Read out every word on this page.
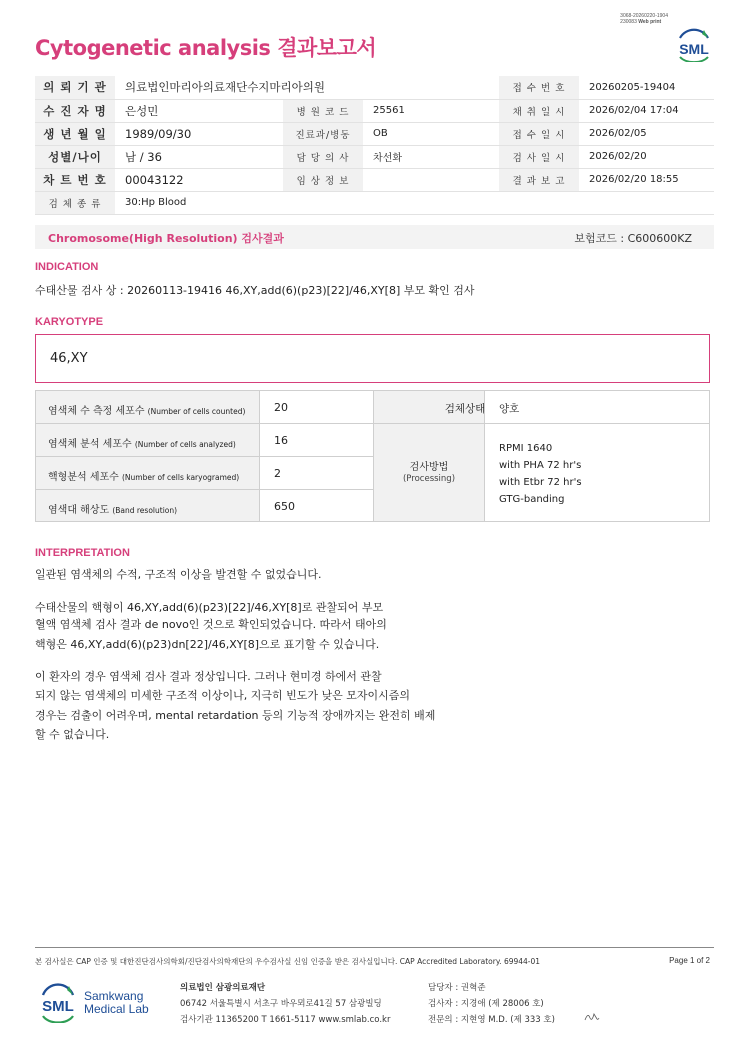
3068-20260220-1904
230083 Web print
SML
Cytogenetic analysis 결과보고서
의 뢰 기 관	의료법인마리아의료재단수지마리아의원			접 수 번 호	20260205-19404
수 진 자 명	은성민	병 원 코 드	25561	채 취 일 시	2026/02/04 17:04
생 년 월 일	1989/09/30	진료과/병동	OB	접 수 일 시	2026/02/05
성별/나이	남 / 36	담 당 의 사	차선화	검 사 일 시	2026/02/20
차 트 번 호	00043122	임 상 정 보		결 과 보 고	2026/02/20 18:55
검 체 종 류	30:Hp Blood				
Chromosome(High Resolution) 검사결과	보험코드 : C600600KZ
INDICATION
수태산물 검사 상 : 20260113-19416 46,XY,add(6)(p23)[22]/46,XY[8] 부모 확인 검사
KARYOTYPE
46,XY
염색체 수 측정 세포수 (Number of cells counted)	20	검체상태	양호
염색체 분석 세포수 (Number of cells analyzed)	16
핵형분석 세포수 (Number of cells karyogramed)	2
염색대 해상도 (Band resolution)	650
검사방법
(Processing)
RPMI 1640
with PHA 72 hr's
with Etbr 72 hr's
GTG-banding
INTERPRETATION

일관된 염색체의 수적, 구조적 이상을 발견할 수 없었습니다.

수태산물의 핵형이 46,XY,add(6)(p23)[22]/46,XY[8]로 관찰되어 부모

혈액 염색체 검사 결과 de novo인 것으로 확인되었습니다. 따라서 태아의

핵형은 46,XY,add(6)(p23)dn[22]/46,XY[8]으로 표기할 수 있습니다.

이 환자의 경우 염색체 검사 결과 정상입니다. 그러나 현미경 하에서 관찰

되지 않는 염색체의 미세한 구조적 이상이나, 지극히 빈도가 낮은 모자이시즘의

경우는 검출이 어려우며, mental retardation 등의 기능적 장애까지는 완전히 배제

할 수 없습니다.

본 검사실은 CAP 인증 및 대한진단검사의학회/진단검사의학재단의 우수검사실 신임 인증을 받은 검사실입니다. CAP Accredited Laboratory. 69944-01	Page 1 of 2
SML
Samkwang
Medical Lab
의료법인 삼광의료재단
06742 서울특별시 서초구 바우뫼로41길 57 삼광빌딩
검사기관 11365200 T 1661-5117 www.smlab.co.kr
담당자 : 권혁준
검사자 : 지경애 (제 28006 호)
전문의 : 지현영 M.D. (제 333 호)
